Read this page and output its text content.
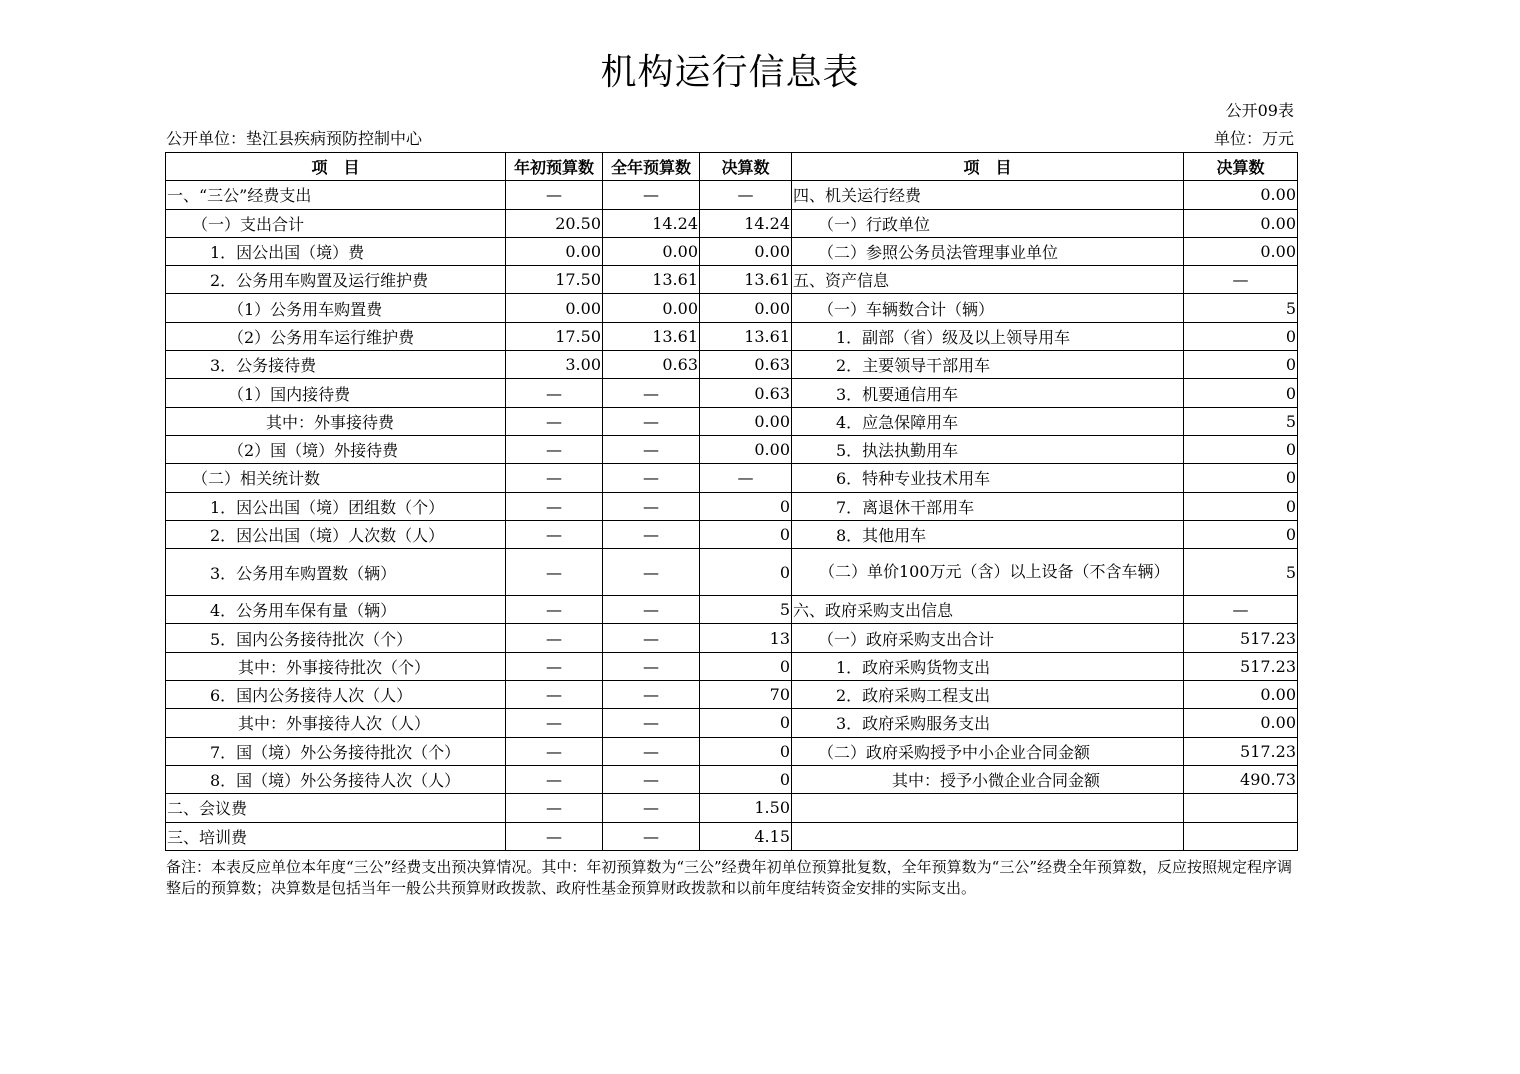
机构运行信息表
公开09表
公开单位：垫江县疾病预防控制中心	单位：万元
项　目	年初预算数	全年预算数	决算数	项　目	决算数
一、“三公”经费支出	—	—	—	四、机关运行经费	0.00
（一）支出合计	20.50	14.24	14.24	（一）行政单位	0.00
1．因公出国（境）费	0.00	0.00	0.00	（二）参照公务员法管理事业单位	0.00
2．公务用车购置及运行维护费	17.50	13.61	13.61	五、资产信息	—
（1）公务用车购置费	0.00	0.00	0.00	（一）车辆数合计（辆）	5
（2）公务用车运行维护费	17.50	13.61	13.61	1．副部（省）级及以上领导用车	0
3．公务接待费	3.00	0.63	0.63	2．主要领导干部用车	0
（1）国内接待费	—	—	0.63	3．机要通信用车	0
其中：外事接待费	—	—	0.00	4．应急保障用车	5
（2）国（境）外接待费	—	—	0.00	5．执法执勤用车	0
（二）相关统计数	—	—	—	6．特种专业技术用车	0
1．因公出国（境）团组数（个）	—	—	0	7．离退休干部用车	0
2．因公出国（境）人次数（人）	—	—	0	8．其他用车	0
3．公务用车购置数（辆）	—	—	0	（二）单价100万元（含）以上设备（不含车辆）	5
4．公务用车保有量（辆）	—	—	5	六、政府采购支出信息	—
5．国内公务接待批次（个）	—	—	13	（一）政府采购支出合计	517.23
其中：外事接待批次（个）	—	—	0	1．政府采购货物支出	517.23
6．国内公务接待人次（人）	—	—	70	2．政府采购工程支出	0.00
其中：外事接待人次（人）	—	—	0	3．政府采购服务支出	0.00
7．国（境）外公务接待批次（个）	—	—	0	（二）政府采购授予中小企业合同金额	517.23
8．国（境）外公务接待人次（人）	—	—	0	其中：授予小微企业合同金额	490.73
二、会议费	—	—	1.50		
三、培训费	—	—	4.15		
备注：本表反应单位本年度“三公”经费支出预决算情况。其中：年初预算数为“三公”经费年初单位预算批复数，全年预算数为“三公”经费全年预算数，反应按照规定程序调整后的预算数；决算数是包括当年一般公共预算财政拨款、政府性基金预算财政拨款和以前年度结转资金安排的实际支出。
